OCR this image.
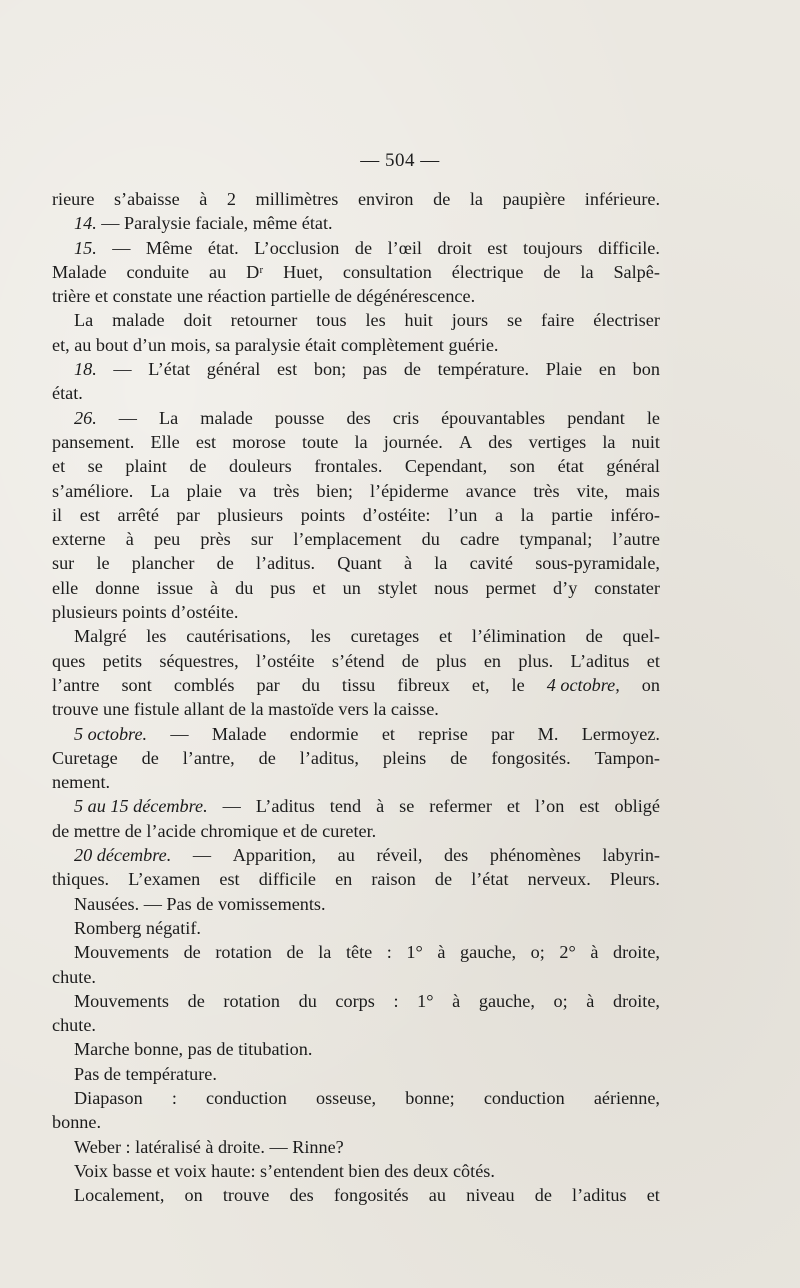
— 504 —
rieure s’abaisse à 2 millimètres environ de la paupière inférieure.
14. — Paralysie faciale, même état.
15. — Même état. L’occlusion de l’œil droit est toujours difficile.
Malade conduite au Dʳ Huet, consultation électrique de la Salpê-
trière et constate une réaction partielle de dégénérescence.
La malade doit retourner tous les huit jours se faire électriser
et, au bout d’un mois, sa paralysie était complètement guérie.
18. — L’état général est bon; pas de température. Plaie en bon
état.
26. — La malade pousse des cris épouvantables pendant le
pansement. Elle est morose toute la journée. A des vertiges la nuit
et se plaint de douleurs frontales. Cependant, son état général
s’améliore. La plaie va très bien; l’épiderme avance très vite, mais
il est arrêté par plusieurs points d’ostéite: l’un a la partie inféro-
externe à peu près sur l’emplacement du cadre tympanal; l’autre
sur le plancher de l’aditus. Quant à la cavité sous-pyramidale,
elle donne issue à du pus et un stylet nous permet d’y constater
plusieurs points d’ostéite.
Malgré les cautérisations, les curetages et l’élimination de quel-
ques petits séquestres, l’ostéite s’étend de plus en plus. L’aditus et
l’antre sont comblés par du tissu fibreux et, le 4 octobre, on
trouve une fistule allant de la mastoïde vers la caisse.
5 octobre. — Malade endormie et reprise par M. Lermoyez.
Curetage de l’antre, de l’aditus, pleins de fongosités. Tampon-
nement.
5 au 15 décembre. — L’aditus tend à se refermer et l’on est obligé
de mettre de l’acide chromique et de cureter.
20 décembre. — Apparition, au réveil, des phénomènes labyrin-
thiques. L’examen est difficile en raison de l’état nerveux. Pleurs.
Nausées. — Pas de vomissements.
Romberg négatif.
Mouvements de rotation de la tête : 1° à gauche, o; 2° à droite,
chute.
Mouvements de rotation du corps : 1° à gauche, o; à droite,
chute.
Marche bonne, pas de titubation.
Pas de température.
Diapason : conduction osseuse, bonne; conduction aérienne,
bonne.
Weber : latéralisé à droite. — Rinne?
Voix basse et voix haute: s’entendent bien des deux côtés.
Localement, on trouve des fongosités au niveau de l’aditus et
